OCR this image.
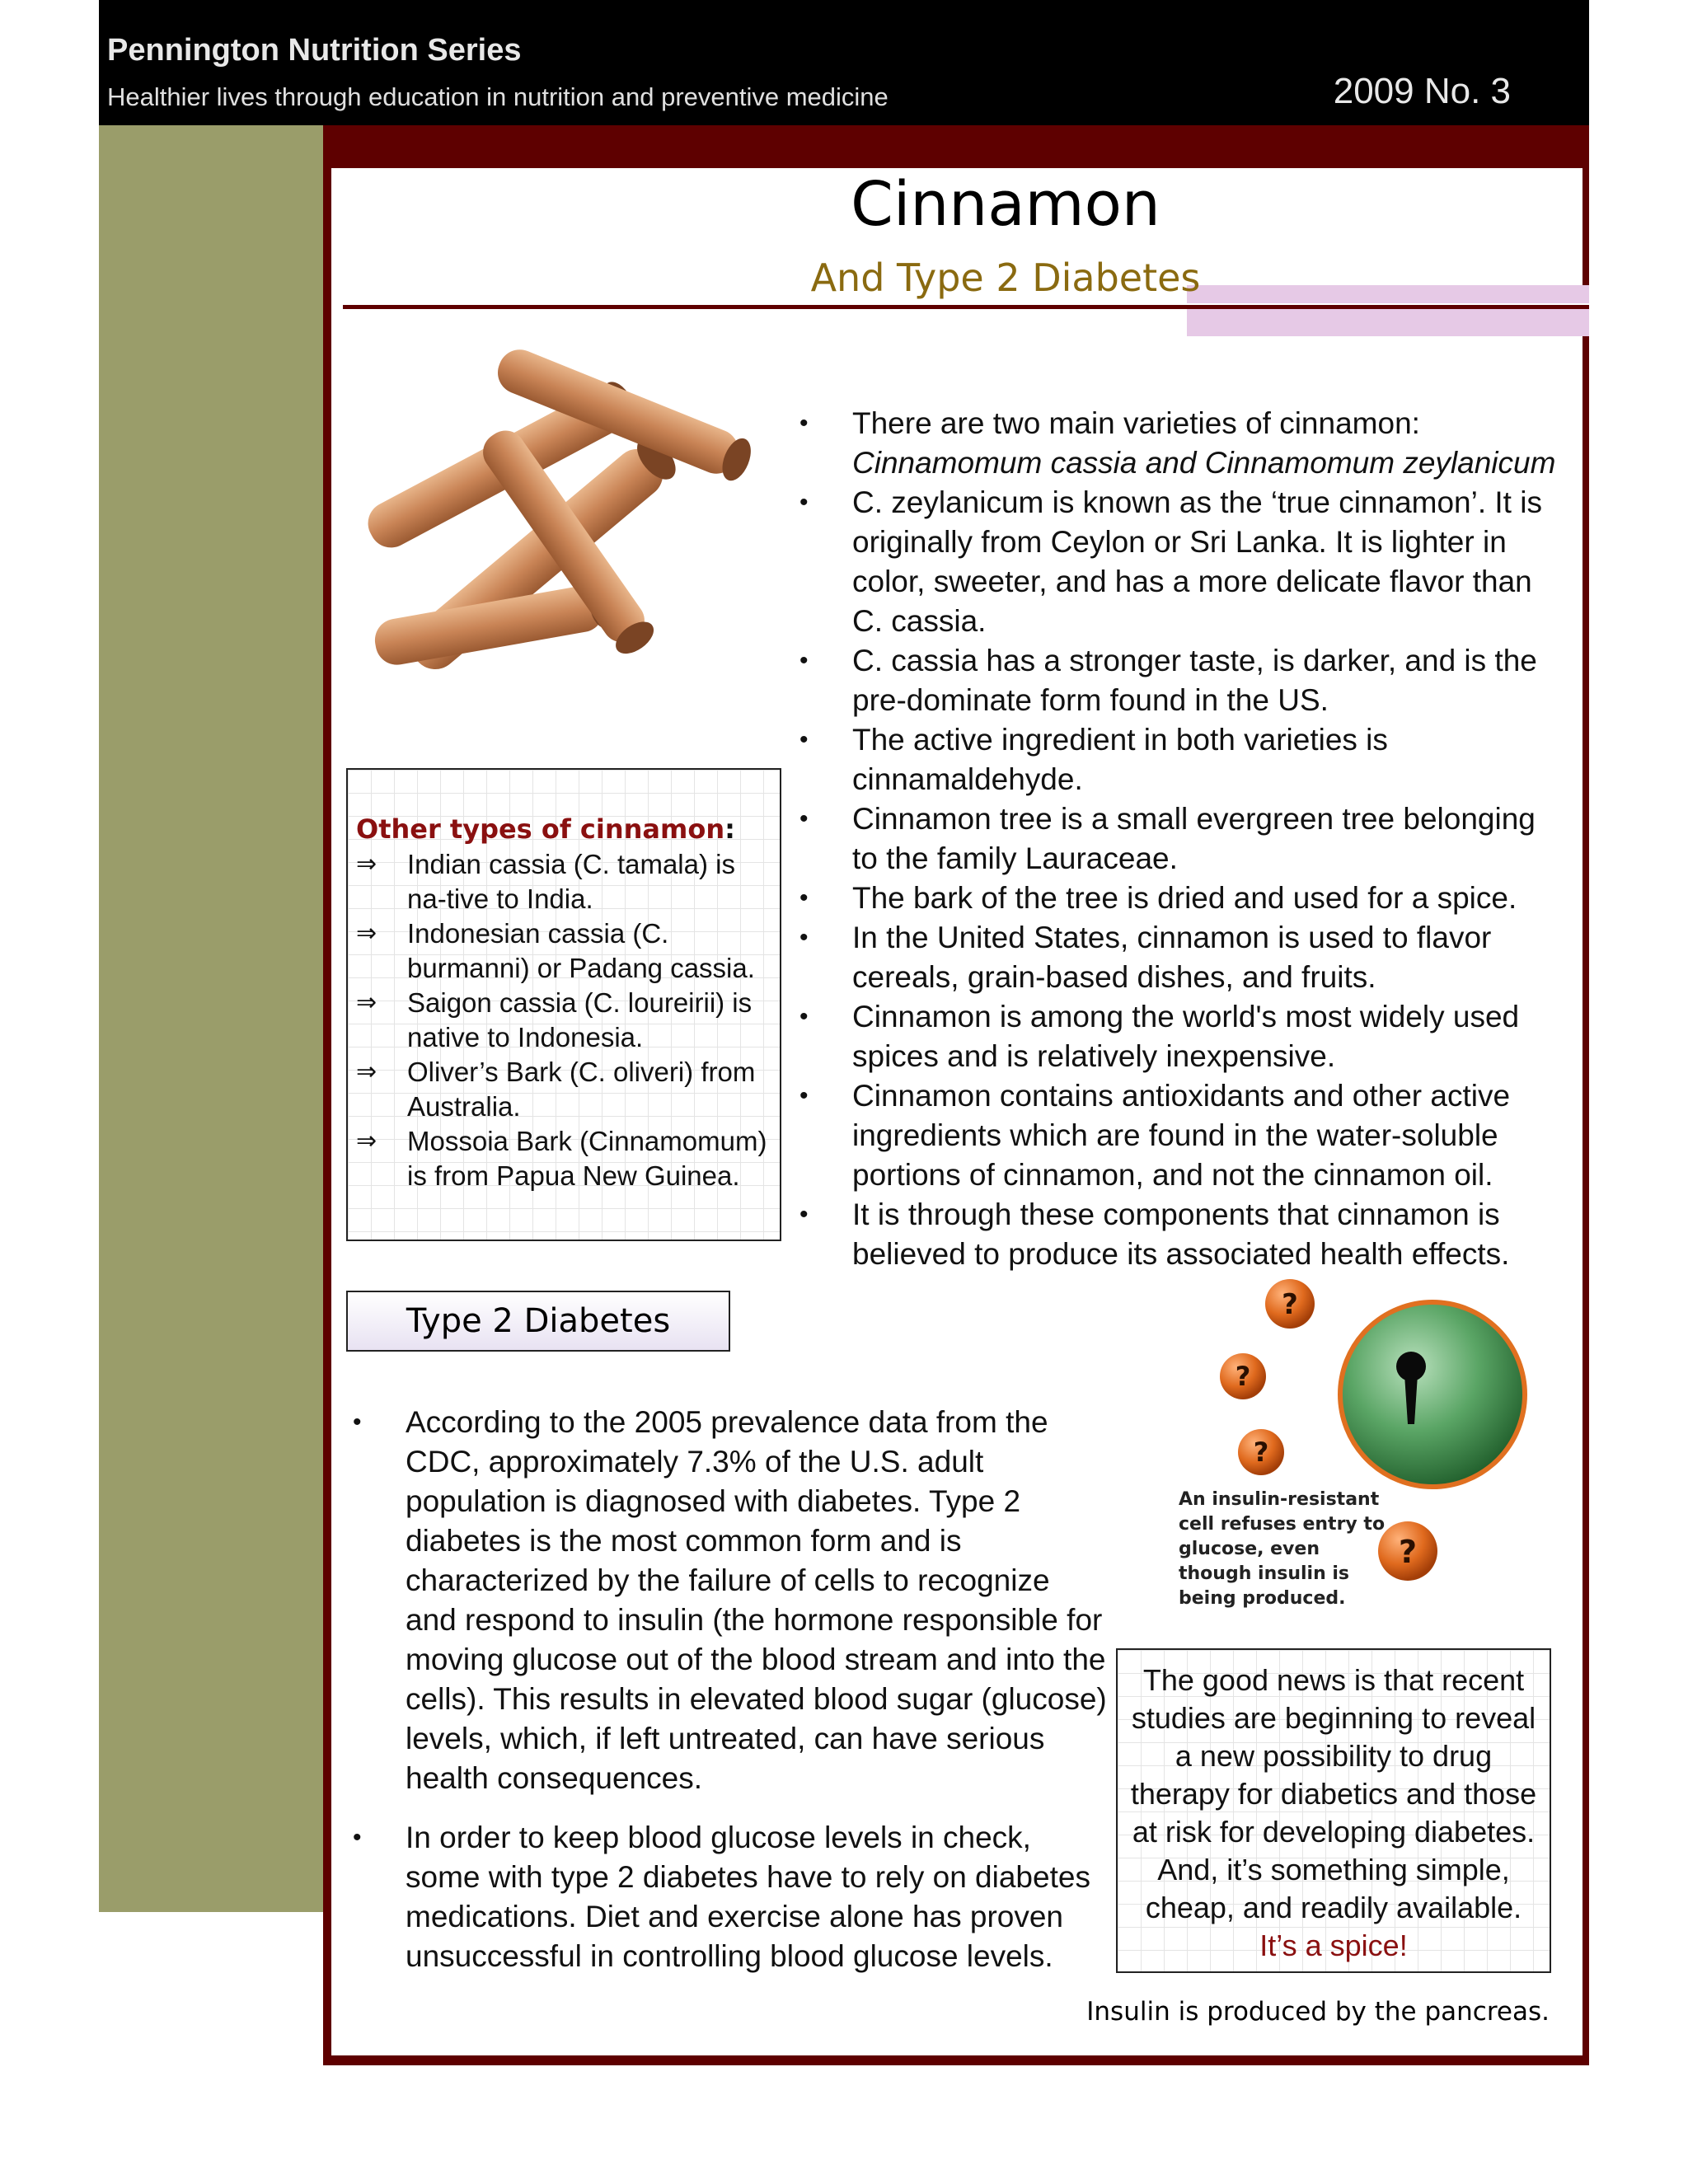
Pennington Nutrition Series
Healthier lives through education in nutrition and preventive medicine	2009 No. 3
Cinnamon
And Type 2 Diabetes
• There are two main varieties of cinnamon:
Cinnamomum cassia and Cinnamomum zeylanicum
• C. zeylanicum is known as the ‘true cinnamon’. It is originally from Ceylon or Sri Lanka. It is lighter in color, sweeter, and has a more delicate flavor than C. cassia.
• C. cassia has a stronger taste, is darker, and is the pre-dominate form found in the US.
• The active ingredient in both varieties is cinnamaldehyde.
• Cinnamon tree is a small evergreen tree belonging to the family Lauraceae.
• The bark of the tree is dried and used for a spice.
• In the United States, cinnamon is used to flavor cereals, grain-based dishes, and fruits.
• Cinnamon is among the world's most widely used spices and is relatively inexpensive.
• Cinnamon contains antioxidants and other active ingredients which are found in the water-soluble portions of cinnamon, and not the cinnamon oil.
• It is through these components that cinnamon is believed to produce its associated health effects.
Other types of cinnamon:
⇒ Indian cassia (C. tamala) is na-tive to India.
⇒ Indonesian cassia (C. burmanni) or Padang cassia.
⇒ Saigon cassia (C. loureirii) is native to Indonesia.
⇒ Oliver’s Bark (C. oliveri) from Australia.
⇒ Mossoia Bark (Cinnamomum) is from Papua New Guinea.
Type 2 Diabetes
• According to the 2005 prevalence data from the CDC, approximately 7.3% of the U.S. adult population is diagnosed with diabetes. Type 2 diabetes is the most common form and is characterized by the failure of cells to recognize and respond to insulin (the hormone responsible for moving glucose out of the blood stream and into the cells). This results in elevated blood sugar (glucose) levels, which, if left untreated, can have serious health consequences.
• In order to keep blood glucose levels in check, some with type 2 diabetes have to rely on diabetes medications. Diet and exercise alone has proven unsuccessful in controlling blood glucose levels.
?
?
?
?
An insulin-resistant
cell refuses entry to
glucose, even
though insulin is
being produced.
The good news is that recent studies are beginning to reveal a new possibility to drug therapy for diabetics and those at risk for developing diabetes. And, it’s something simple, cheap, and readily available. It’s a spice!
Insulin is produced by the pancreas.
